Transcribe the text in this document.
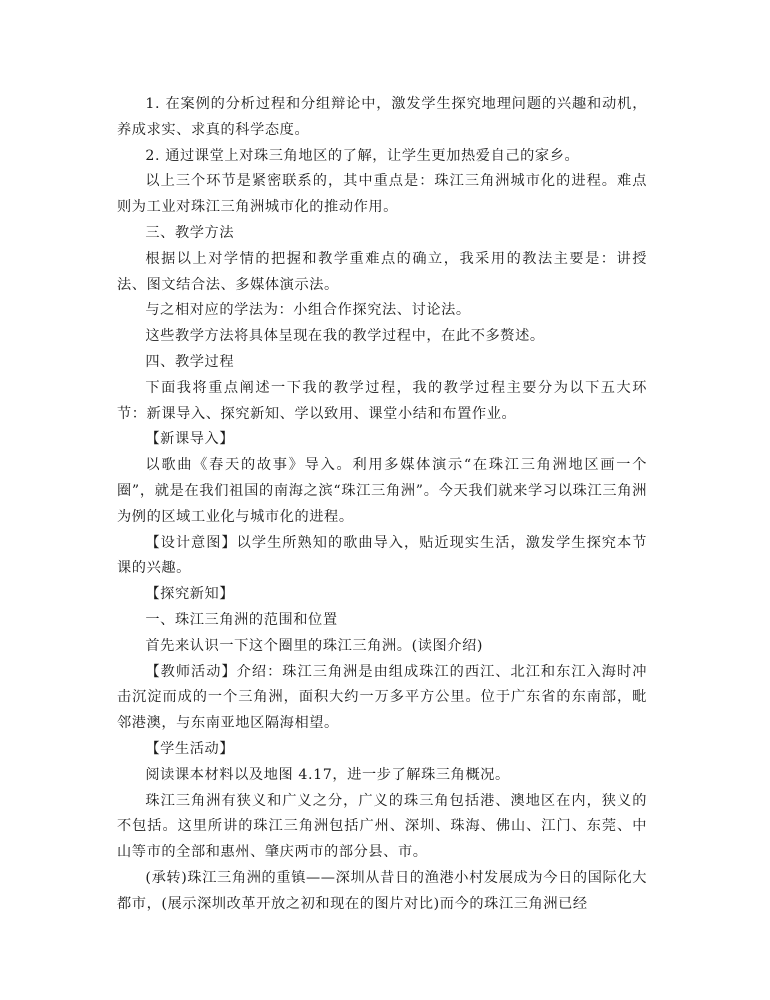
1. 在案例的分析过程和分组辩论中，激发学生探究地理问题的兴趣和动机，养成求实、求真的科学态度。

2. 通过课堂上对珠三角地区的了解，让学生更加热爱自己的家乡。

以上三个环节是紧密联系的，其中重点是：珠江三角洲城市化的进程。难点则为工业对珠江三角洲城市化的推动作用。

三、教学方法

根据以上对学情的把握和教学重难点的确立，我采用的教法主要是：讲授法、图文结合法、多媒体演示法。

与之相对应的学法为：小组合作探究法、讨论法。

这些教学方法将具体呈现在我的教学过程中，在此不多赘述。

四、教学过程

下面我将重点阐述一下我的教学过程，我的教学过程主要分为以下五大环节：新课导入、探究新知、学以致用、课堂小结和布置作业。

【新课导入】

以歌曲《春天的故事》导入。利用多媒体演示“在珠江三角洲地区画一个圈”，就是在我们祖国的南海之滨“珠江三角洲”。今天我们就来学习以珠江三角洲为例的区域工业化与城市化的进程。

【设计意图】以学生所熟知的歌曲导入，贴近现实生活，激发学生探究本节课的兴趣。

【探究新知】

一、珠江三角洲的范围和位置

首先来认识一下这个圈里的珠江三角洲。(读图介绍)

【教师活动】介绍：珠江三角洲是由组成珠江的西江、北江和东江入海时冲击沉淀而成的一个三角洲，面积大约一万多平方公里。位于广东省的东南部，毗邻港澳，与东南亚地区隔海相望。

【学生活动】

阅读课本材料以及地图 4.17，进一步了解珠三角概况。

珠江三角洲有狭义和广义之分，广义的珠三角包括港、澳地区在内，狭义的不包括。这里所讲的珠江三角洲包括广州、深圳、珠海、佛山、江门、东莞、中山等市的全部和惠州、肇庆两市的部分县、市。

(承转)珠江三角洲的重镇——深圳从昔日的渔港小村发展成为今日的国际化大都市，(展示深圳改革开放之初和现在的图片对比)而今的珠江三角洲已经
